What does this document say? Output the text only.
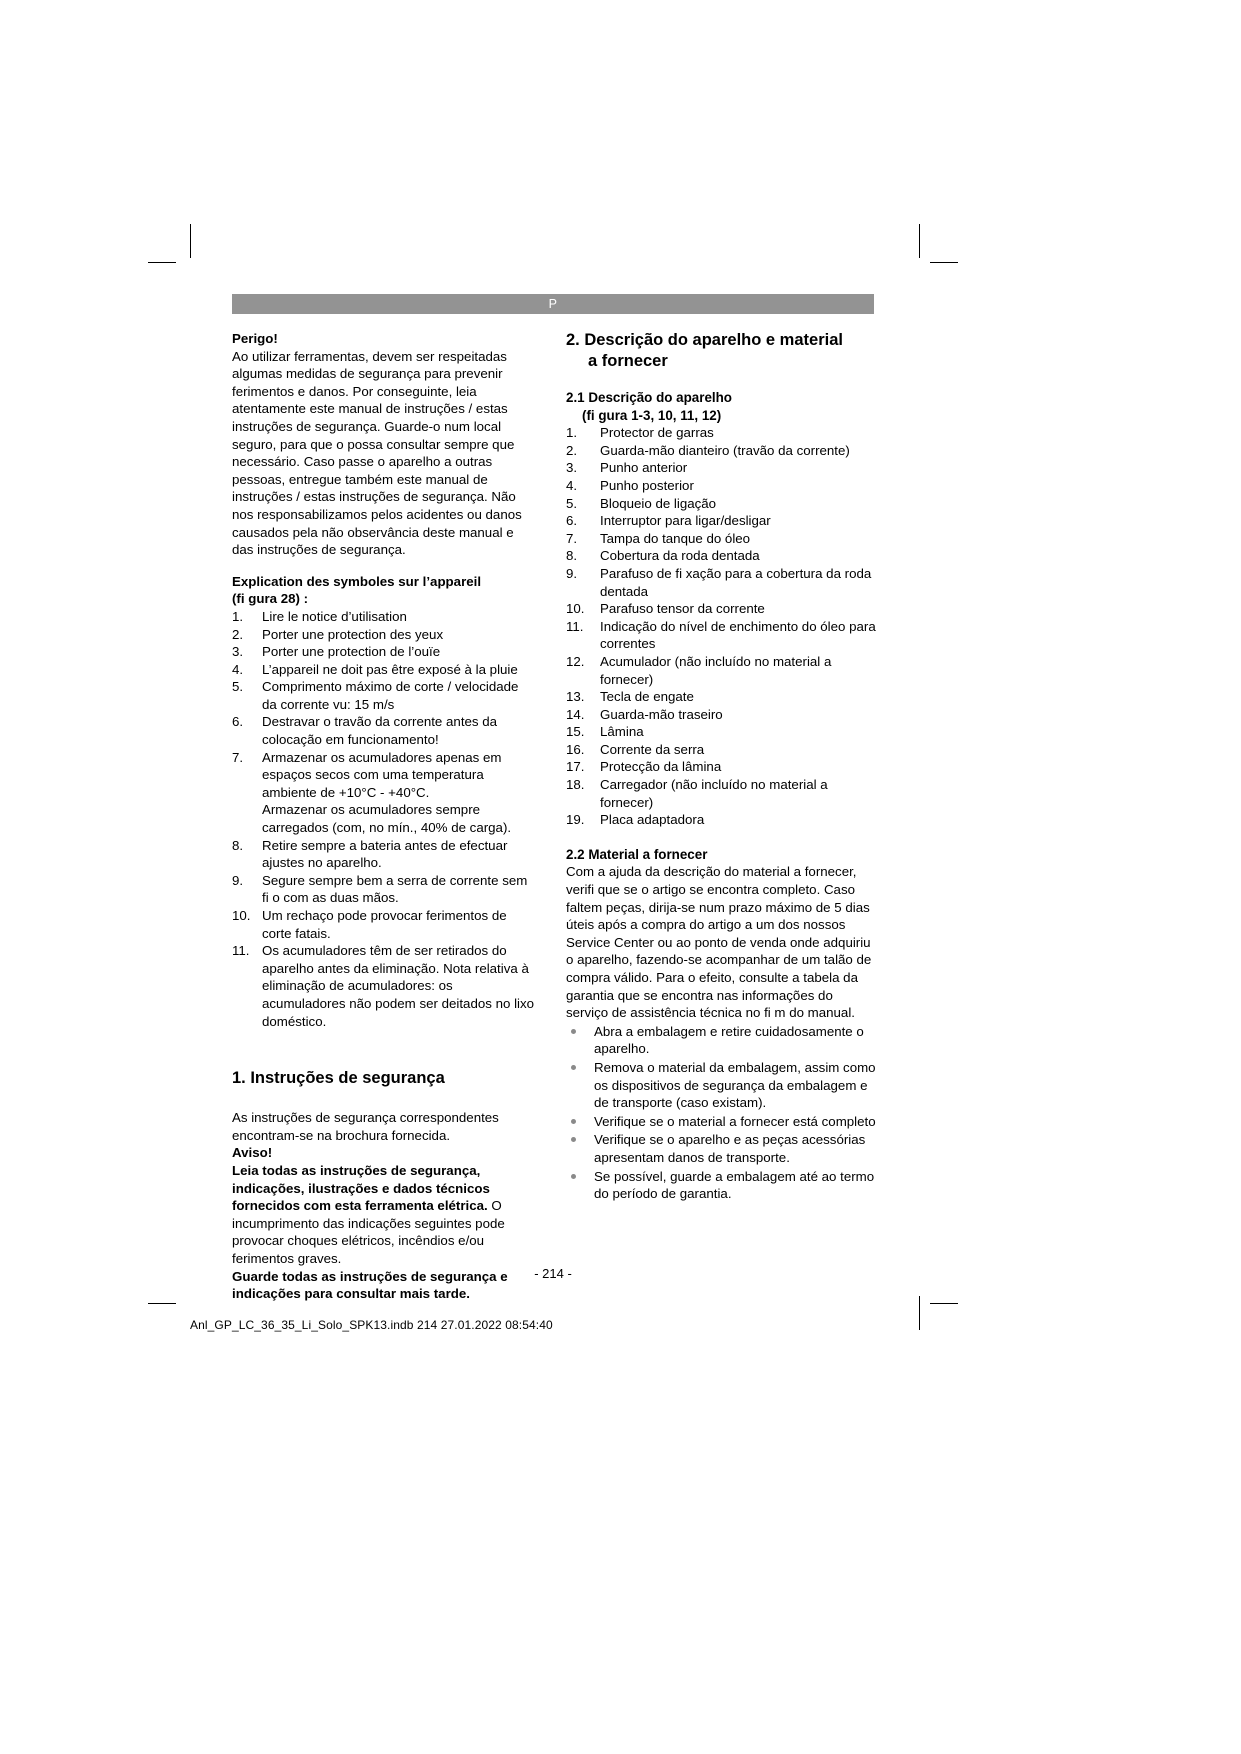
P

Perigo!

Ao utilizar ferramentas, devem ser respeitadas algumas medidas de segurança para prevenir ferimentos e danos. Por conseguinte, leia atentamente este manual de instruções / estas instruções de segurança. Guarde-o num local seguro, para que o possa consultar sempre que necessário. Caso passe o aparelho a outras pessoas, entregue também este manual de instruções / estas instruções de segurança. Não nos responsabilizamos pelos acidentes ou danos causados pela não observância deste manual e das instruções de segurança.

Explication des symboles sur l’appareil

(fi gura 28) :

1.	Lire le notice d’utilisation
2.	Porter une protection des yeux
3.	Porter une protection de l’ouïe
4.	L’appareil ne doit pas être exposé à la pluie
5.	Comprimento máximo de corte / velocidade da corrente vu: 15 m/s
6.	Destravar o travão da corrente antes da colocação em funcionamento!
7.	Armazenar os acumuladores apenas em espaços secos com uma temperatura ambiente de +10°C - +40°C.

Armazenar os acumuladores sempre carregados (com, no mín., 40% de carga).

8.	Retire sempre a bateria antes de efectuar ajustes no aparelho.
9.	Segure sempre bem a serra de corrente sem fi o com as duas mãos.
10. Um rechaço pode provocar ferimentos de corte fatais.
11. Os acumuladores têm de ser retirados do aparelho antes da eliminação. Nota relativa à eliminação de acumuladores: os acumuladores não podem ser deitados no lixo doméstico.
1. Instruções de segurança

As instruções de segurança correspondentes encontram-se na brochura fornecida.

Aviso!

Leia todas as instruções de segurança, indicações, ilustrações e dados técnicos fornecidos com esta ferramenta elétrica. O incumprimento das indicações seguintes pode provocar choques elétricos, incêndios e/ou ferimentos graves.

Guarde todas as instruções de segurança e indicações para consultar mais tarde.

2. Descrição do aparelho e material
a fornecer
2.1 Descrição do aparelho
(fi gura 1-3, 10, 11, 12)
1.	Protector de garras
2.	Guarda-mão dianteiro (travão da corrente)
3.	Punho anterior
4.	Punho posterior
5.	Bloqueio de ligação
6.	Interruptor para ligar/desligar
7.	Tampa do tanque do óleo
8.	Cobertura da roda dentada
9.	Parafuso de fi xação para a cobertura da roda dentada
10.	Parafuso tensor da corrente
11.	Indicação do nível de enchimento do óleo para correntes
12.	Acumulador (não incluído no material a fornecer)
13.	Tecla de engate
14.	Guarda-mão traseiro
15.	Lâmina
16.	Corrente da serra
17.	Protecção da lâmina
18.	Carregador (não incluído no material a fornecer)
19.	Placa adaptadora
2.2 Material a fornecer

Com a ajuda da descrição do material a fornecer, verifi que se o artigo se encontra completo. Caso faltem peças, dirija-se num prazo máximo de 5 dias úteis após a compra do artigo a um dos nossos Service Center ou ao ponto de venda onde adquiriu o aparelho, fazendo-se acompanhar de um talão de compra válido. Para o efeito, consulte a tabela da garantia que se encontra nas informações do serviço de assistência técnica no fi m do manual.

Abra a embalagem e retire cuidadosamente o aparelho.
Remova o material da embalagem, assim como os dispositivos de segurança da embalagem e de transporte (caso existam).
Verifique se o material a fornecer está completo
Verifique se o aparelho e as peças acessórias apresentam danos de transporte.
Se possível, guarde a embalagem até ao termo do período de garantia.
- 214 -
Anl_GP_LC_36_35_Li_Solo_SPK13.indb 214 27.01.2022 08:54:40
